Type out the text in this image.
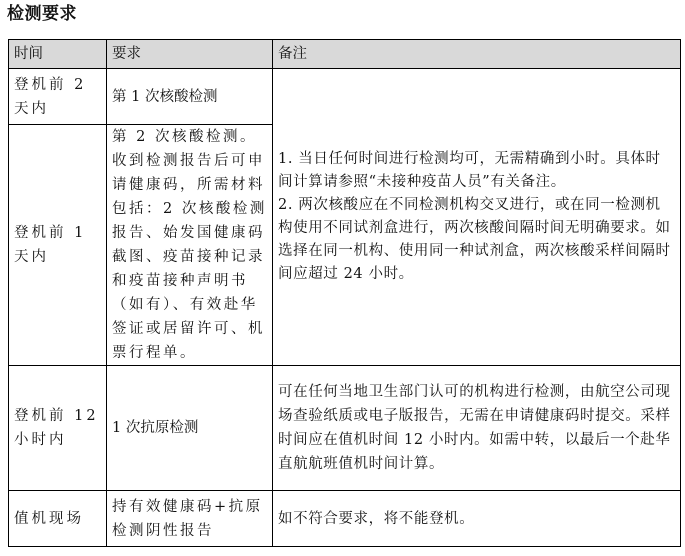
检测要求
时间	要求	备注
登机前 2 天内	第 1 次核酸检测	1. 当日任何时间进行检测均可，无需精确到小时。具体时间计算请参照“未接种疫苗人员”有关备注。

2. 两次核酸应在不同检测机构交叉进行，或在同一检测机构使用不同试剂盒进行，两次核酸间隔时间无明确要求。如选择在同一机构、使用同一种试剂盒，两次核酸采样间隔时间应超过 24 小时。

登机前 1 天内	第 2 次核酸检测。收到检测报告后可申请健康码，所需材料包括：2 次核酸检测报告、始发国健康码截图、疫苗接种记录和疫苗接种声明书（如有）、有效赴华签证或居留许可、机票行程单。	
登机前 12 小时内	1 次抗原检测	可在任何当地卫生部门认可的机构进行检测，由航空公司现场查验纸质或电子版报告，无需在申请健康码时提交。采样时间应在值机时间 12 小时内。如需中转，以最后一个赴华直航航班值机时间计算。

值机现场	持有效健康码+抗原检测阴性报告	如不符合要求，将不能登机。
